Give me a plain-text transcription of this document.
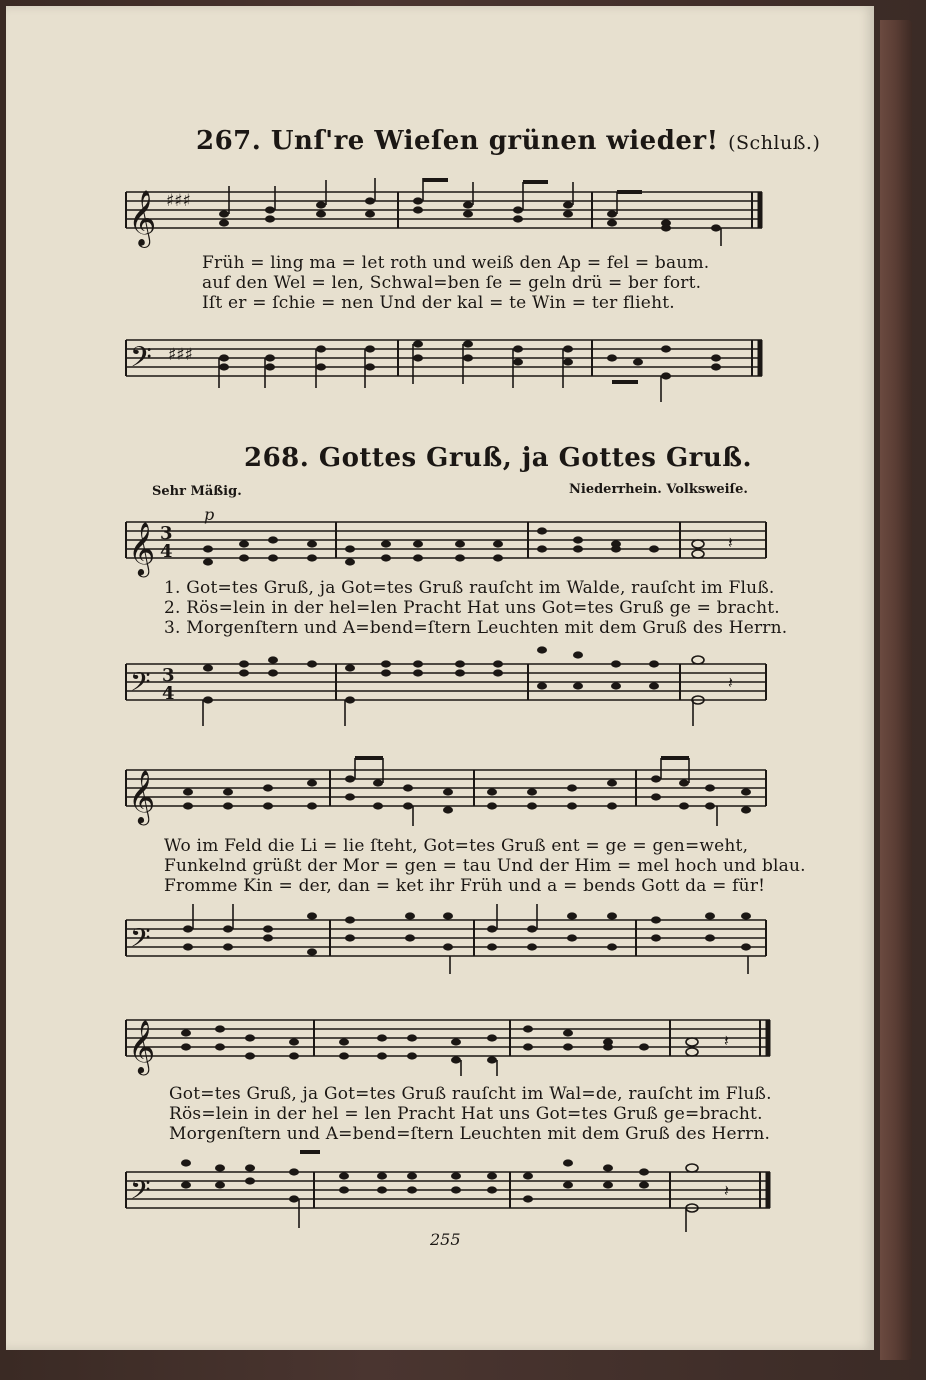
267. Unſ're Wieſen grünen wieder! (Schluß.)
𝄞 ♯♯♯
Früh = ling ma = let roth und weiß den Ap = fel = baum.
auf den Wel = len, Schwal=ben ſe = geln drü = ber fort.
Iſt er = ſchie = nen Und der kal = te Win = ter flieht.
𝄢 ♯♯♯
268. Gottes Gruß, ja Gottes Gruß.
Sehr Mäßig.	Niederrhein. Volksweiſe.
p
𝄞 3
4	𝄽
1. Got=tes Gruß, ja Got=tes Gruß rauſcht im Walde, rauſcht im Fluß.
2. Rös=lein in der hel=len Pracht Hat uns Got=tes Gruß ge = bracht.
3. Morgenſtern und A=bend=ſtern Leuchten mit dem Gruß des Herrn.
𝄢 3
4
𝄽
𝄞
Wo im Feld die Li = lie ſteht, Got=tes Gruß ent = ge = gen=weht,
Funkelnd grüßt der Mor = gen = tau Und der Him = mel hoch und blau.
Fromme Kin = der, dan = ket ihr Früh und a = bends Gott da = für!
𝄢
𝄞	𝄽
Got=tes Gruß, ja Got=tes Gruß rauſcht im Wal=de, rauſcht im Fluß.
Rös=lein in der hel = len Pracht Hat uns Got=tes Gruß ge=bracht.
Morgenſtern und A=bend=ſtern Leuchten mit dem Gruß des Herrn.
𝄢	𝄽
255
